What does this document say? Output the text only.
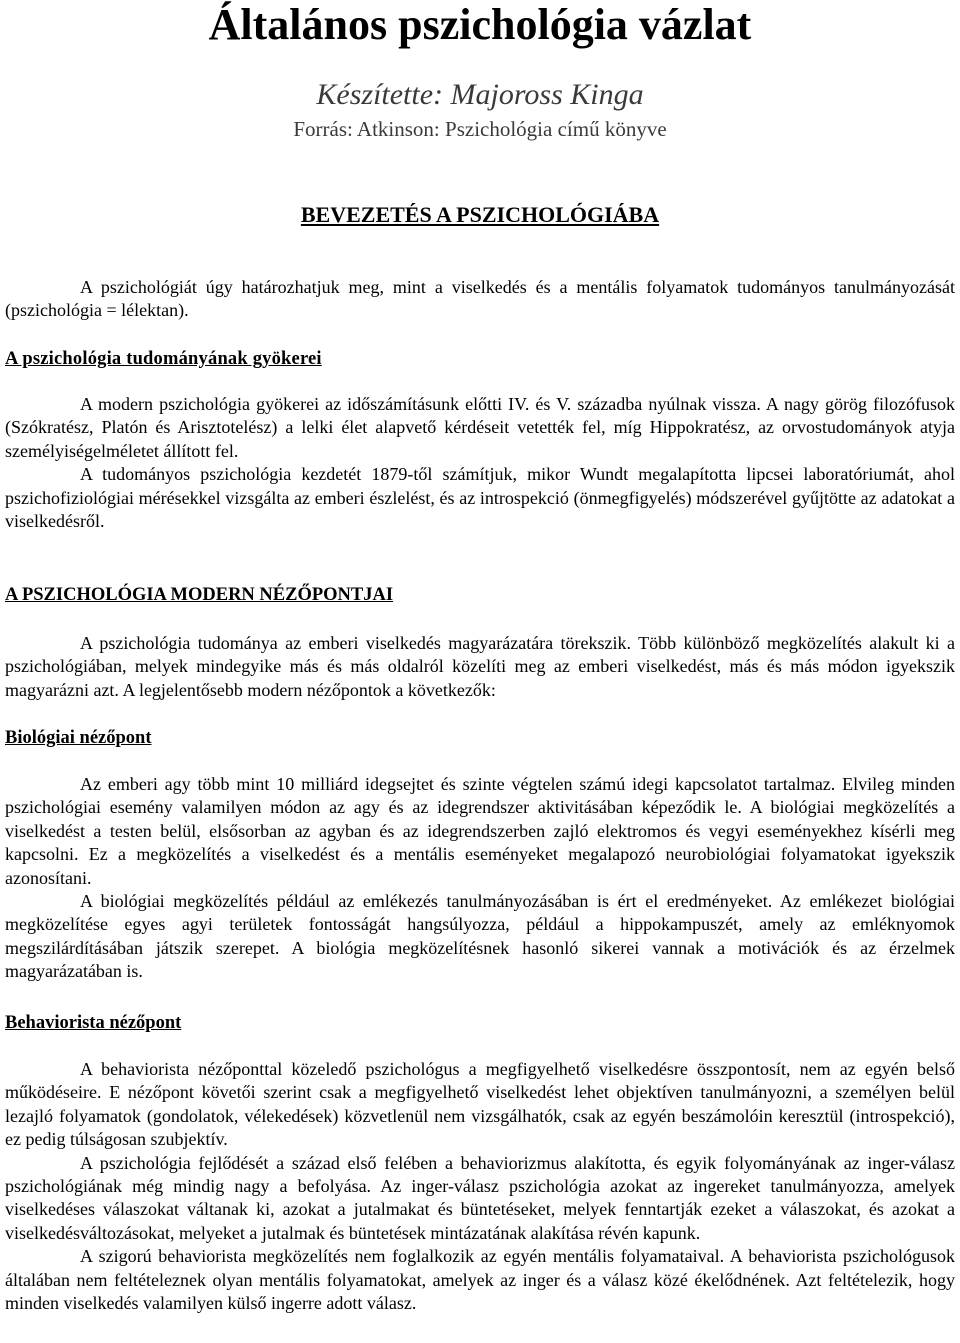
Általános pszichológia vázlat
Készítette: Majoross Kinga
Forrás: Atkinson: Pszichológia című könyve
BEVEZETÉS A PSZICHOLÓGIÁBA

A pszichológiát úgy határozhatjuk meg, mint a viselkedés és a mentális folyamatok tudományos tanulmányozását (pszichológia = lélektan).

A pszichológia tudományának gyökerei

A modern pszichológia gyökerei az időszámításunk előtti IV. és V. századba nyúlnak vissza. A nagy görög filozófusok (Szókratész, Platón és Arisztotelész) a lelki élet alapvető kérdéseit vetették fel, míg Hippokratész, az orvostudományok atyja személyiségelméletet állított fel.

A tudományos pszichológia kezdetét 1879-től számítjuk, mikor Wundt megalapította lipcsei laboratóriumát, ahol pszichofiziológiai mérésekkel vizsgálta az emberi észlelést, és az introspekció (önmegfigyelés) módszerével gyűjtötte az adatokat a viselkedésről.

A PSZICHOLÓGIA MODERN NÉZŐPONTJAI

A pszichológia tudománya az emberi viselkedés magyarázatára törekszik. Több különböző megközelítés alakult ki a pszichológiában, melyek mindegyike más és más oldalról közelíti meg az emberi viselkedést, más és más módon igyekszik magyarázni azt. A legjelentősebb modern nézőpontok a következők:

Biológiai nézőpont

Az emberi agy több mint 10 milliárd idegsejtet és szinte végtelen számú idegi kapcsolatot tartalmaz. Elvileg minden pszichológiai esemény valamilyen módon az agy és az idegrendszer aktivitásában képeződik le. A biológiai megközelítés a viselkedést a testen belül, elsősorban az agyban és az idegrendszerben zajló elektromos és vegyi eseményekhez kísérli meg kapcsolni. Ez a megközelítés a viselkedést és a mentális eseményeket megalapozó neurobiológiai folyamatokat igyekszik azonosítani.

A biológiai megközelítés például az emlékezés tanulmányozásában is ért el eredményeket. Az emlékezet biológiai megközelítése egyes agyi területek fontosságát hangsúlyozza, például a hippokampuszét, amely az emléknyomok megszilárdításában játszik szerepet. A biológia megközelítésnek hasonló sikerei vannak a motivációk és az érzelmek magyarázatában is.

Behaviorista nézőpont

A behaviorista nézőponttal közeledő pszichológus a megfigyelhető viselkedésre összpontosít, nem az egyén belső működéseire. E nézőpont követői szerint csak a megfigyelhető viselkedést lehet objektíven tanulmányozni, a személyen belül lezajló folyamatok (gondolatok, vélekedések) közvetlenül nem vizsgálhatók, csak az egyén beszámolóin keresztül (introspekció), ez pedig túlságosan szubjektív.

A pszichológia fejlődését a század első felében a behaviorizmus alakította, és egyik folyományának az inger-válasz pszichológiának még mindig nagy a befolyása. Az inger-válasz pszichológia azokat az ingereket tanulmányozza, amelyek viselkedéses válaszokat váltanak ki, azokat a jutalmakat és büntetéseket, melyek fenntartják ezeket a válaszokat, és azokat a viselkedésváltozásokat, melyeket a jutalmak és büntetések mintázatának alakítása révén kapunk.

A szigorú behaviorista megközelítés nem foglalkozik az egyén mentális folyamataival. A behaviorista pszichológusok általában nem feltételeznek olyan mentális folyamatokat, amelyek az inger és a válasz közé ékelődnének. Azt feltételezik, hogy minden viselkedés valamilyen külső ingerre adott válasz.
